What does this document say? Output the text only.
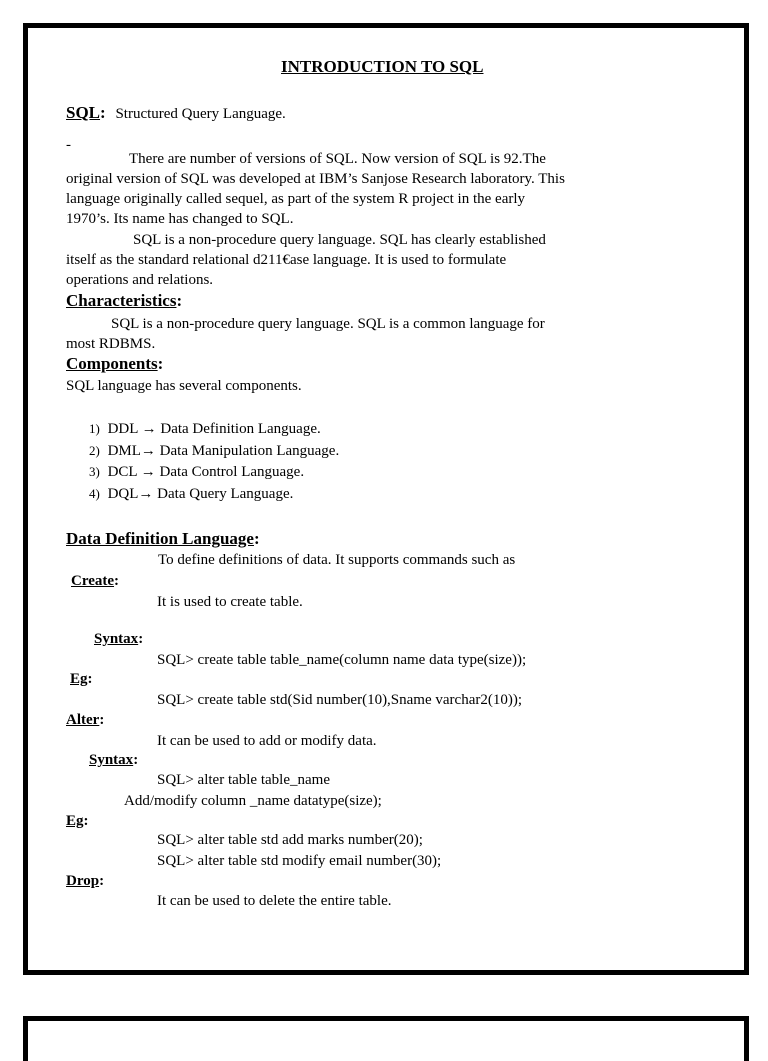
INTRODUCTION TO SQL
SQL: Structured Query Language.
-
There are number of versions of SQL. Now version of SQL is 92.The
original version of SQL was developed at IBM’s Sanjose Research laboratory. This
language originally called sequel, as part of the system R project in the early
1970’s. Its name has changed to SQL.
SQL is a non-procedure query language. SQL has clearly established
itself as the standard relational d211€ase language. It is used to formulate
operations and relations.
Characteristics:
SQL is a non-procedure query language. SQL is a common language for
most RDBMS.
Components:
SQL language has several components.
1) DDL → Data Definition Language.
2) DML→ Data Manipulation Language.
3) DCL → Data Control Language.
4) DQL→ Data Query Language.
Data Definition Language:
To define definitions of data. It supports commands such as
Create:
It is used to create table.
Syntax:
SQL> create table table_name(column name data type(size));
Eg:
SQL> create table std(Sid number(10),Sname varchar2(10));
Alter:
It can be used to add or modify data.
Syntax:
SQL> alter table table_name
Add/modify column _name datatype(size);
Eg:
SQL> alter table std add marks number(20);
SQL> alter table std modify email number(30);
Drop:
It can be used to delete the entire table.
